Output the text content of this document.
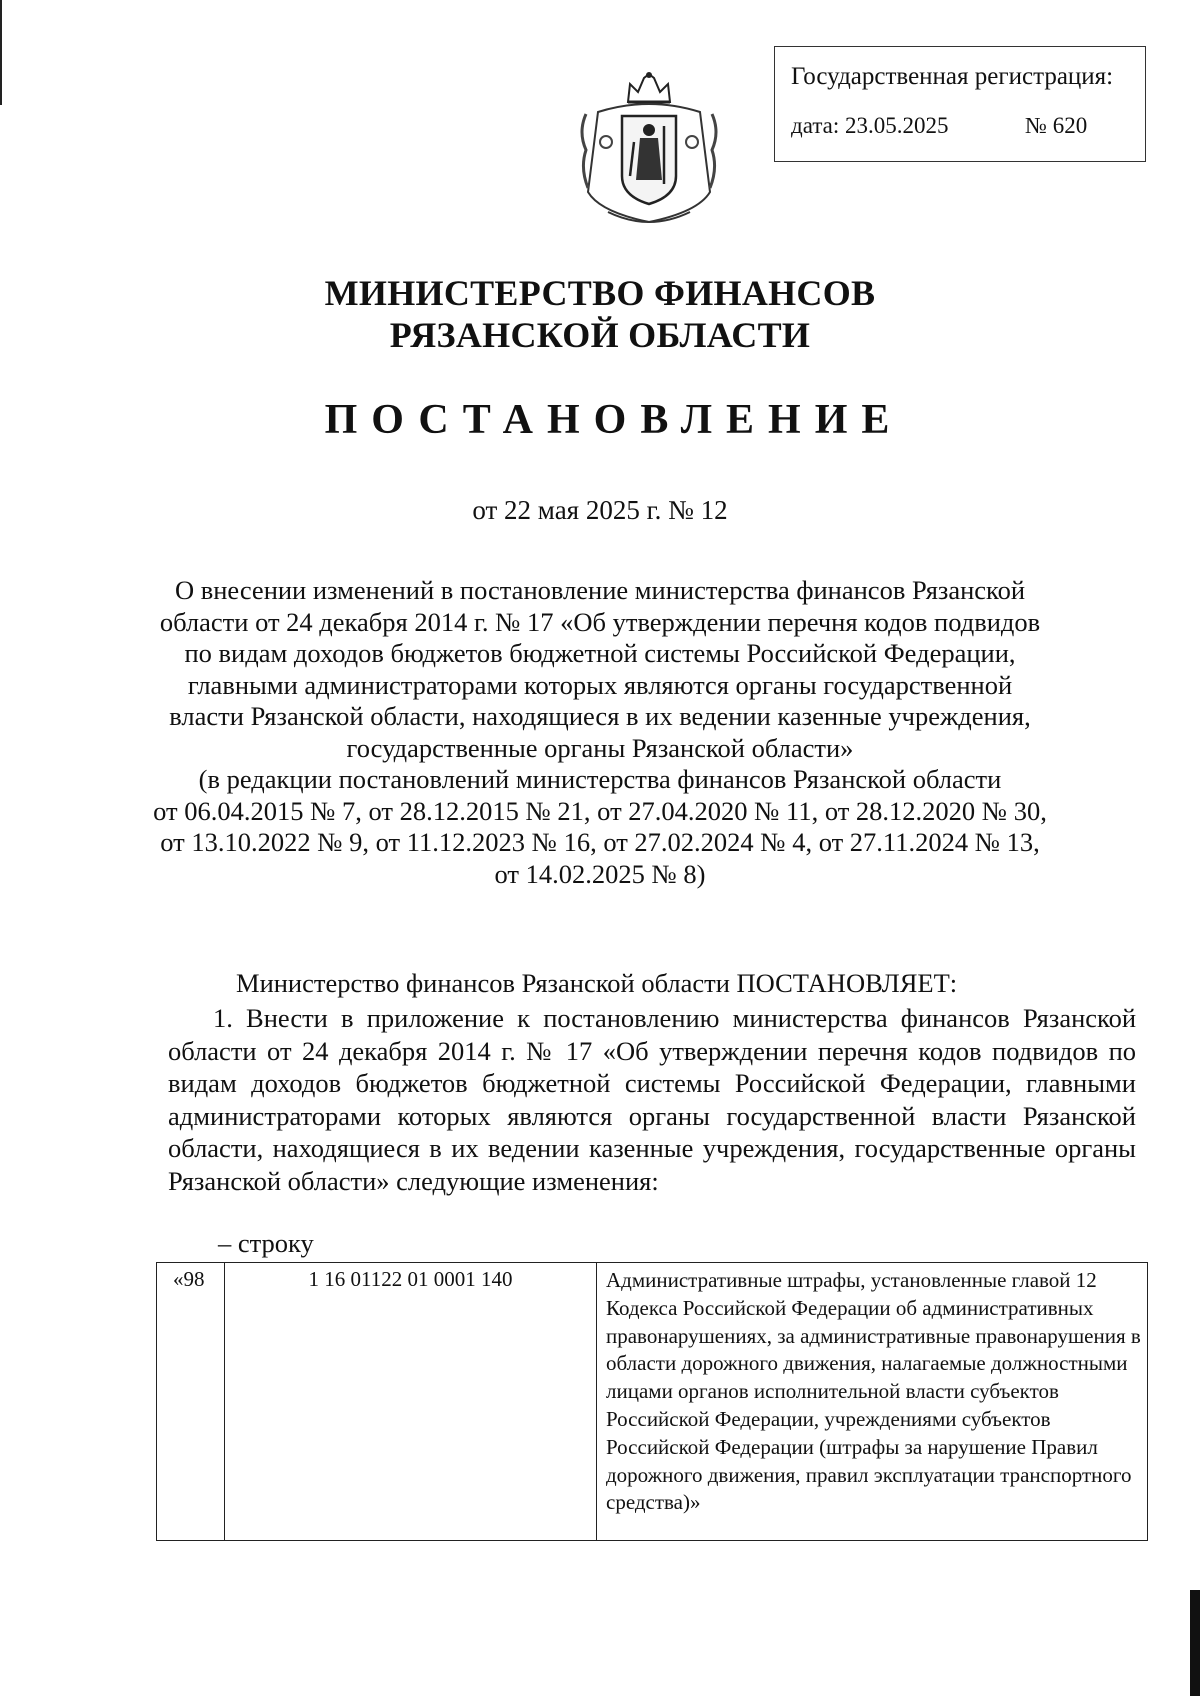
Государственная регистрация:
дата: 23.05.2025	№ 620
МИНИСТЕРСТВО ФИНАНСОВ
РЯЗАНСКОЙ ОБЛАСТИ
ПОСТАНОВЛЕНИЕ
от 22 мая 2025 г. № 12
О внесении изменений в постановление министерства финансов Рязанской
области от 24 декабря 2014 г. № 17 «Об утверждении перечня кодов подвидов
по видам доходов бюджетов бюджетной системы Российской Федерации,
главными администраторами которых являются органы государственной
власти Рязанской области, находящиеся в их ведении казенные учреждения,
государственные органы Рязанской области»
(в редакции постановлений министерства финансов Рязанской области
от 06.04.2015 № 7, от 28.12.2015 № 21, от 27.04.2020 № 11, от 28.12.2020 № 30,
от 13.10.2022 № 9, от 11.12.2023 № 16, от 27.02.2024 № 4, от 27.11.2024 № 13,
от 14.02.2025 № 8)
Министерство финансов Рязанской области ПОСТАНОВЛЯЕТ:
1. Внести в приложение к постановлению министерства финансов Рязанской области от 24 декабря 2014 г. № 17 «Об утверждении перечня кодов подвидов по видам доходов бюджетов бюджетной системы Российской Федерации, главными администраторами которых являются органы государственной власти Рязанской области, находящиеся в их ведении казенные учреждения, государственные органы Рязанской области» следующие изменения:
– строку
«98	1 16 01122 01 0001 140	Административные штрафы, установленные главой 12 Кодекса Российской Федерации об административных правонарушениях, за административные правонарушения в области дорожного движения, налагаемые должностными лицами органов исполнительной власти субъектов Российской Федерации, учреждениями субъектов Российской Федерации (штрафы за нарушение Правил дорожного движения, правил эксплуатации транспортного средства)»
